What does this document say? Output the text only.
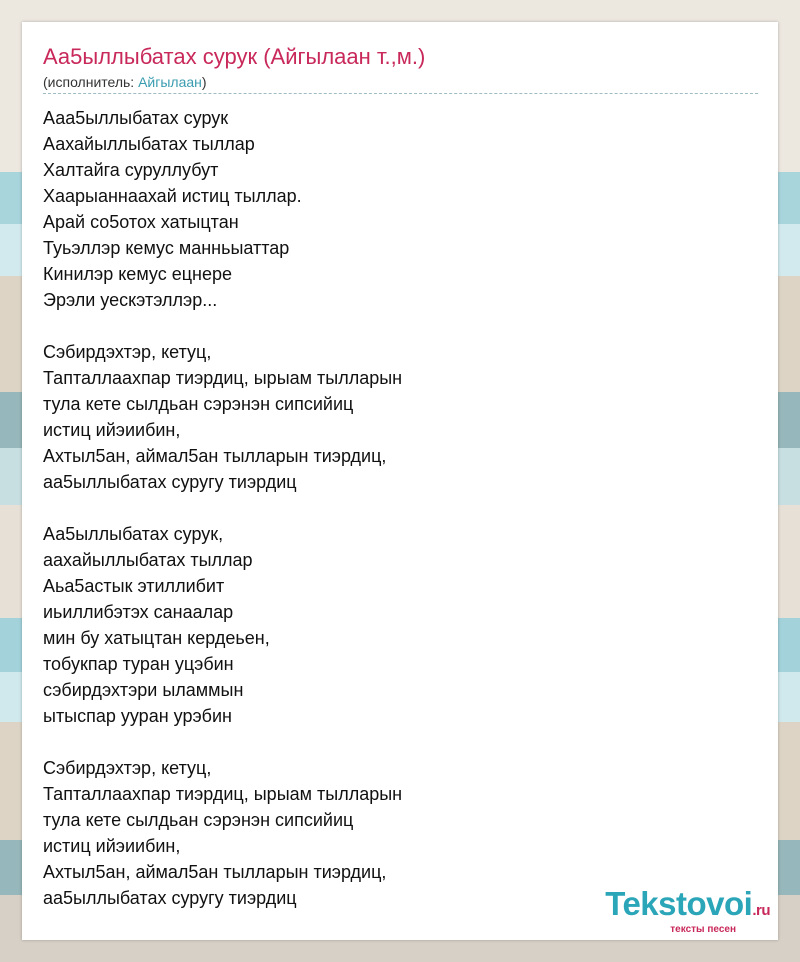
Аа5ыллыбатах сурук (Айгылаан т.,м.)
(исполнитель: Айгылаан)
Ааа5ыллыбатах сурук
Аахайыллыбатах тыллар
Халтайга суруллубут
Хаарыаннаахай истиц тыллар.
Арай со5отох хатыцтан
Туьэллэр кемус манньыаттар
Кинилэр кемус ецнере
Эрэли уескэтэллэр...
Сэбирдэхтэр, кетуц,
Тапталлаахпар тиэрдиц, ырыам тылларын
тула кете сылдьан сэрэнэн сипсийиц
истиц ийэиибин,
Ахтыл5ан, аймал5ан тылларын тиэрдиц,
аа5ыллыбатах суругу тиэрдиц
Аа5ыллыбатах сурук,
аахайыллыбатах тыллар
Аьа5астык этиллибит
иьиллибэтэх санаалар
мин бу хатыцтан кердеьен,
тобукпар туран уцэбин
сэбирдэхтэри ыламмын
ытыспар ууран урэбин
Сэбирдэхтэр, кетуц,
Тапталлаахпар тиэрдиц, ырыам тылларын
тула кете сылдьан сэрэнэн сипсийиц
истиц ийэиибин,
Ахтыл5ан, аймал5ан тылларын тиэрдиц,
аа5ыллыбатах суругу тиэрдиц	Tekstovoi.ru
тексты песен
